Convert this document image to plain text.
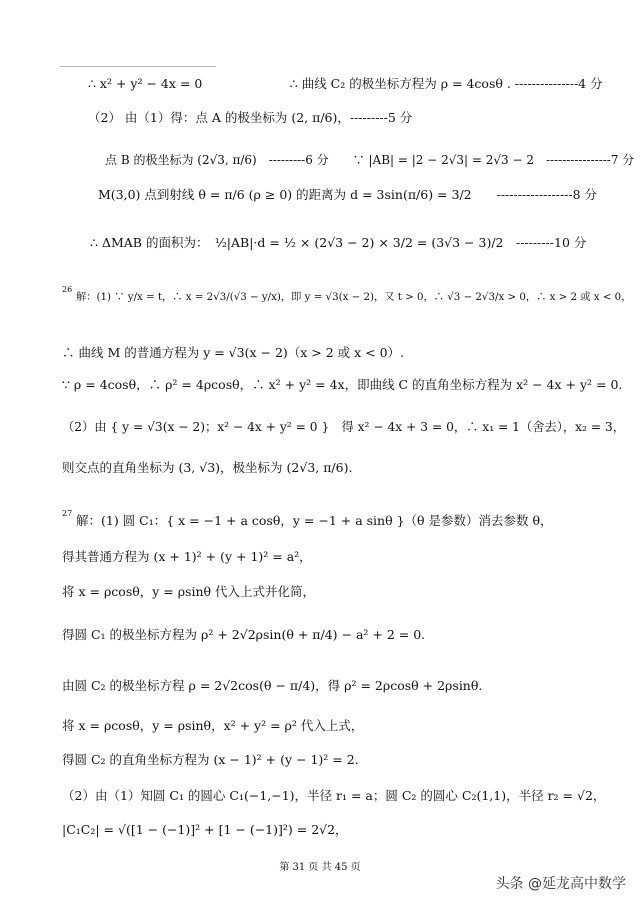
∴ x² + y² − 4x = 0　　　　　　　∴ 曲线 C₂ 的极坐标方程为 ρ = 4cosθ . ---------------4 分
（2） 由（1）得：点 A 的极坐标为 (2, π/6)，---------5 分
点 B 的极坐标为 (2√3, π/6)　---------6 分　　∵ |AB| = |2 − 2√3| = 2√3 − 2　----------------7 分
M(3,0) 点到射线 θ = π/6 (ρ ≥ 0) 的距离为 d = 3sin(π/6) = 3/2　　------------------8 分
∴ ΔMAB 的面积为：　½|AB|·d = ½ × (2√3 − 2) × 3/2 = (3√3 − 3)/2　---------10 分
26
解：(1) ∵ y/x = t，∴ x = 2√3/(√3 − y/x)，即 y = √3(x − 2)，又 t > 0，∴ √3 − 2√3/x > 0，∴ x > 2 或 x < 0，
∴ 曲线 M 的普通方程为 y = √3(x − 2)（x > 2 或 x < 0）.
∵ ρ = 4cosθ，∴ ρ² = 4ρcosθ，∴ x² + y² = 4x，即曲线 C 的直角坐标方程为 x² − 4x + y² = 0.
（2）由 { y = √3(x − 2)；x² − 4x + y² = 0 }　得 x² − 4x + 3 = 0，∴ x₁ = 1（舍去），x₂ = 3，
则交点的直角坐标为 (3, √3)，极坐标为 (2√3, π/6).
27 解：(1) 圆 C₁：{ x = −1 + a cosθ，y = −1 + a sinθ }（θ 是参数）消去参数 θ，
得其普通方程为 (x + 1)² + (y + 1)² = a²，
将 x = ρcosθ，y = ρsinθ 代入上式并化简，
得圆 C₁ 的极坐标方程为 ρ² + 2√2ρsin(θ + π/4) − a² + 2 = 0.
由圆 C₂ 的极坐标方程 ρ = 2√2cos(θ − π/4)，得 ρ² = 2ρcosθ + 2ρsinθ.
将 x = ρcosθ，y = ρsinθ，x² + y² = ρ² 代入上式，
得圆 C₂ 的直角坐标方程为 (x − 1)² + (y − 1)² = 2.
（2）由（1）知圆 C₁ 的圆心 C₁(−1,−1)，半径 r₁ = a；圆 C₂ 的圆心 C₂(1,1)，半径 r₂ = √2，
|C₁C₂| = √([1 − (−1)]² + [1 − (−1)]²) = 2√2，
第 31 页 共 45 页
头条 @延龙高中数学
